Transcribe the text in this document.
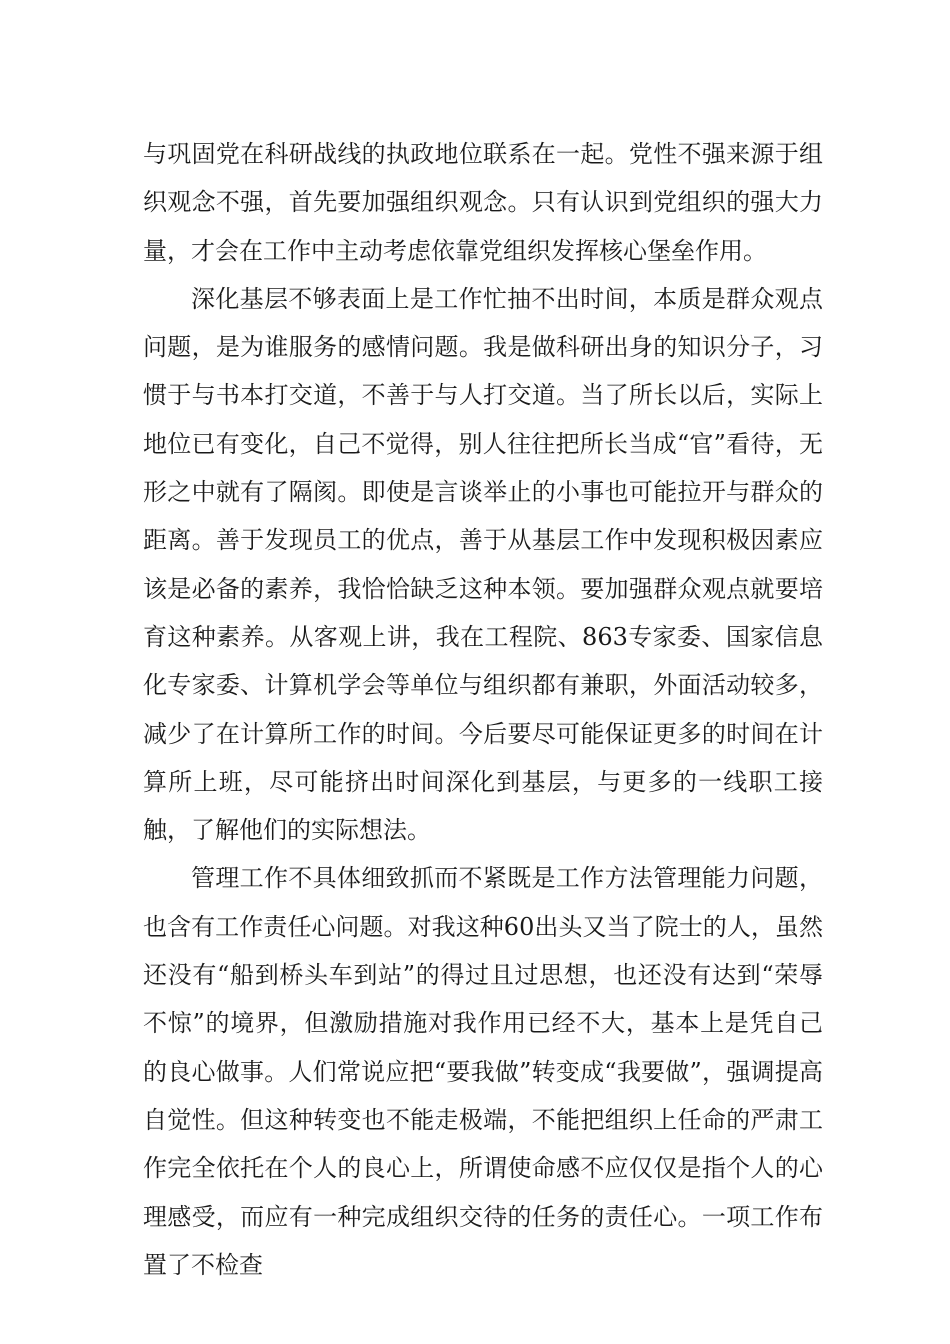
与巩固党在科研战线的执政地位联系在一起。党性不强来源于组织观念不强，首先要加强组织观念。只有认识到党组织的强大力量，才会在工作中主动考虑依靠党组织发挥核心堡垒作用。

深化基层不够表面上是工作忙抽不出时间，本质是群众观点问题，是为谁服务的感情问题。我是做科研出身的知识分子，习惯于与书本打交道，不善于与人打交道。当了所长以后，实际上地位已有变化，自己不觉得，别人往往把所长当成“官”看待，无形之中就有了隔阂。即使是言谈举止的小事也可能拉开与群众的距离。善于发现员工的优点，善于从基层工作中发现积极因素应该是必备的素养，我恰恰缺乏这种本领。要加强群众观点就要培育这种素养。从客观上讲，我在工程院、863专家委、国家信息化专家委、计算机学会等单位与组织都有兼职，外面活动较多，减少了在计算所工作的时间。今后要尽可能保证更多的时间在计算所上班，尽可能挤出时间深化到基层，与更多的一线职工接触，了解他们的实际想法。

管理工作不具体细致抓而不紧既是工作方法管理能力问题，也含有工作责任心问题。对我这种60出头又当了院士的人，虽然还没有“船到桥头车到站”的得过且过思想，也还没有达到“荣辱不惊”的境界，但激励措施对我作用已经不大，基本上是凭自己的良心做事。人们常说应把“要我做”转变成“我要做”，强调提高自觉性。但这种转变也不能走极端，不能把组织上任命的严肃工作完全依托在个人的良心上，所谓使命感不应仅仅是指个人的心理感受，而应有一种完成组织交待的任务的责任心。一项工作布置了不检查
